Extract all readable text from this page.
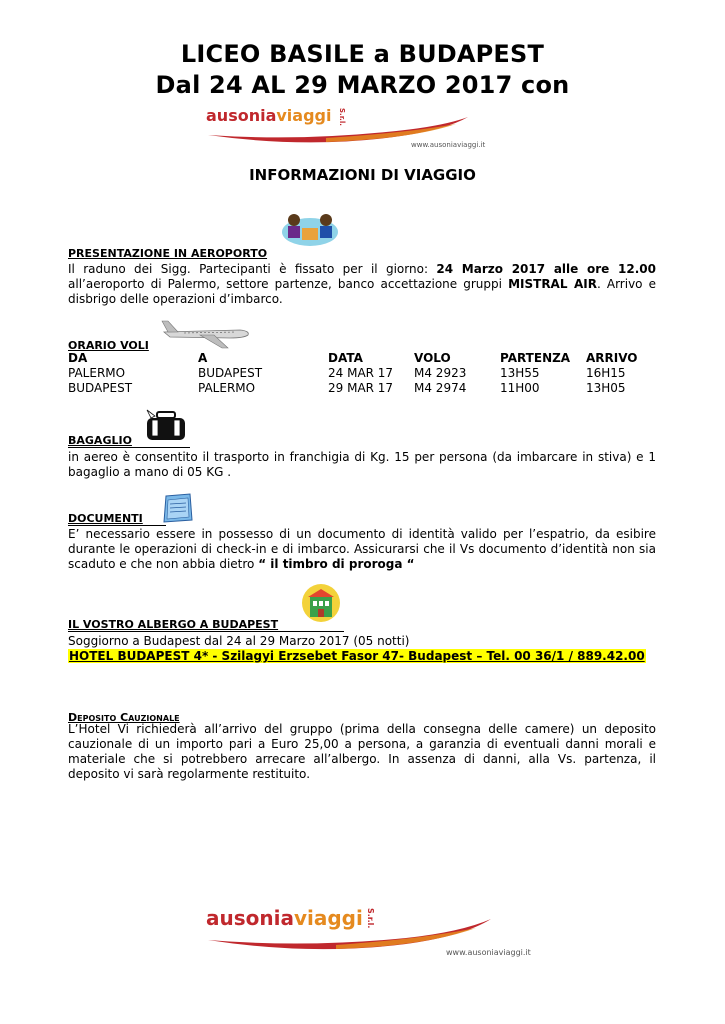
LICEO BASILE a BUDAPEST
Dal 24 AL 29 MARZO 2017 con
ausoniaviaggi S.r.l.
www.ausoniaviaggi.it
INFORMAZIONI DI VIAGGIO
PRESENTAZIONE IN AEROPORTO
Il raduno dei Sigg. Partecipanti è fissato per il giorno: 24 Marzo 2017 alle ore 12.00 all’aeroporto di Palermo, settore partenze, banco accettazione gruppi MISTRAL AIR. Arrivo e disbrigo delle operazioni d’imbarco.
ORARIO VOLI
DA	A	DATA	VOLO	PARTENZA ARRIVO
PALERMO	BUDAPEST	24 MAR 17 M4 2923	13H55	16H15
BUDAPEST	PALERMO	29 MAR 17 M4 2974	11H00	13H05
BAGAGLIO
in aereo è consentito il trasporto in franchigia di Kg. 15 per persona (da imbarcare in stiva) e 1 bagaglio a mano di 05 KG .
DOCUMENTI
E’ necessario essere in possesso di un documento di identità valido per l’espatrio, da esibire durante le operazioni di check-in e di imbarco. Assicurarsi che il Vs documento d’identità non sia scaduto e che non abbia dietro “ il timbro di proroga “
IL VOSTRO ALBERGO A BUDAPEST
Soggiorno a Budapest dal 24 al 29 Marzo 2017 (05 notti)
HOTEL BUDAPEST 4* - Szilagyi Erzsebet Fasor 47- Budapest – Tel. 00 36/1 / 889.42.00
Deposito Cauzionale
L’Hotel Vi richiederà all’arrivo del gruppo (prima della consegna delle camere) un deposito cauzionale di un importo pari a Euro 25,00 a persona, a garanzia di eventuali danni morali e materiale che si potrebbero arrecare all’albergo. In assenza di danni, alla Vs. partenza, il deposito vi sarà regolarmente restituito.
ausoniaviaggi S.r.l.
www.ausoniaviaggi.it
